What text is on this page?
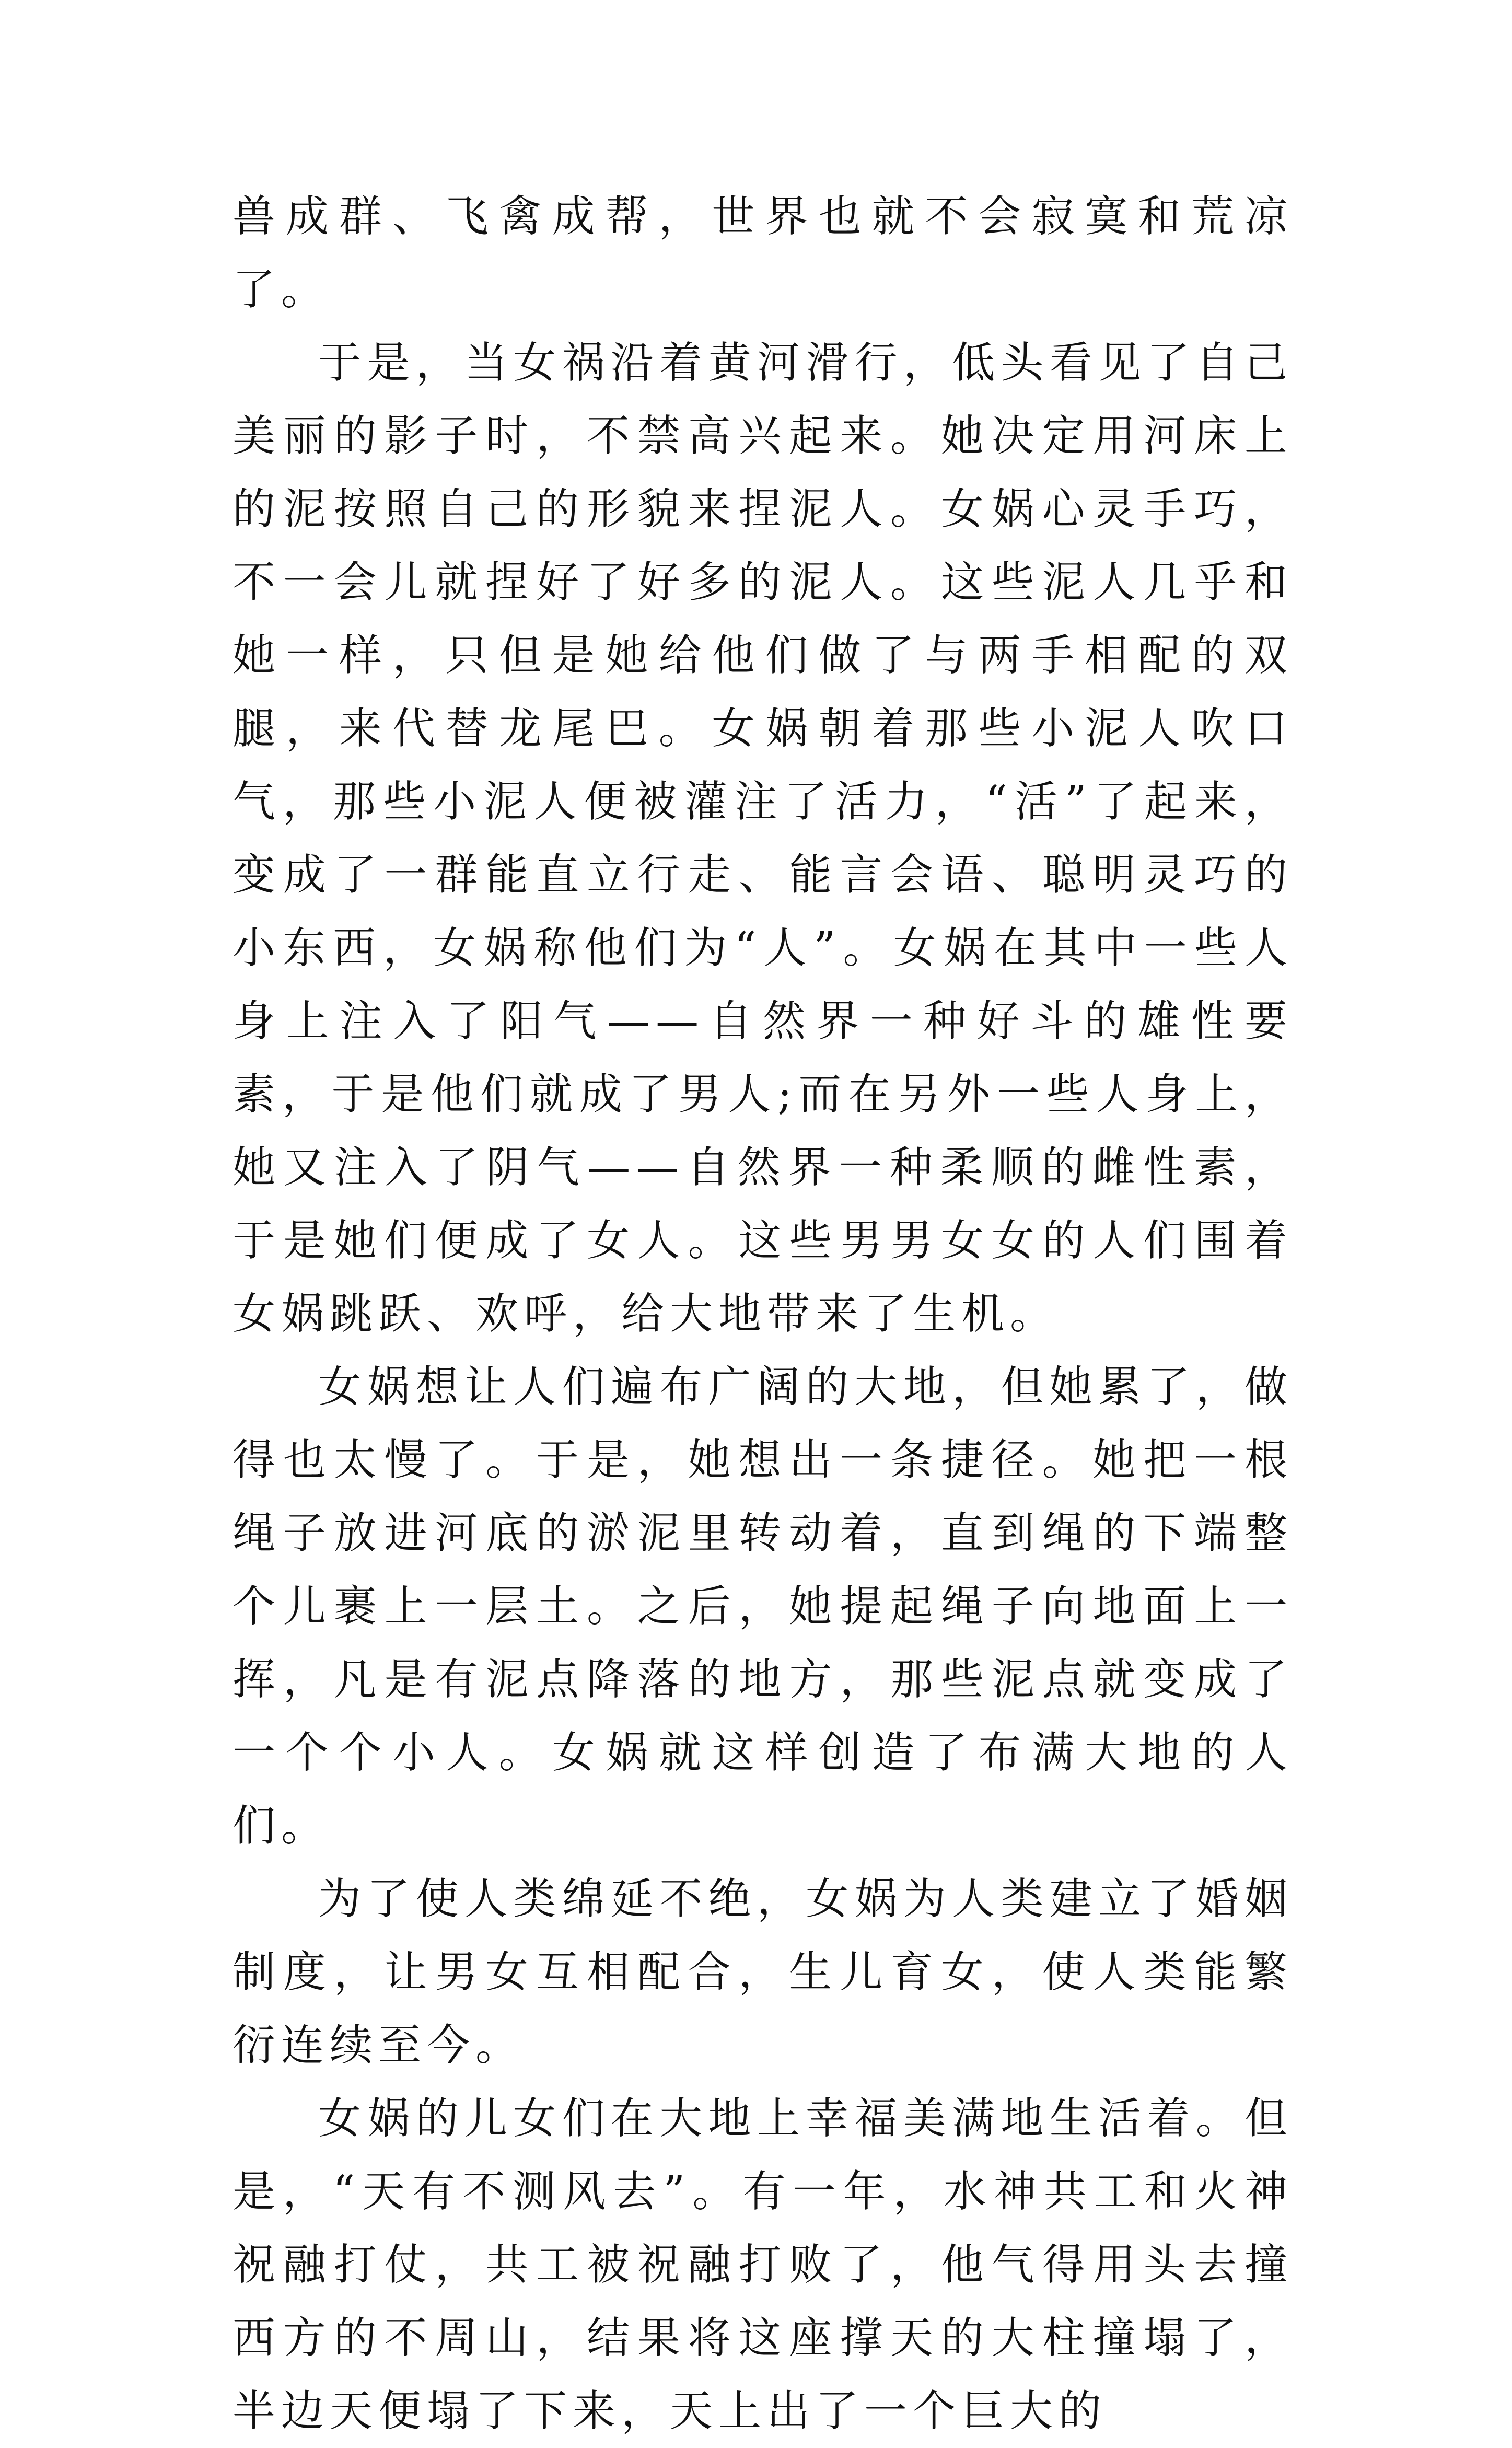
兽成群、飞禽成帮，世界也就不会寂寞和荒凉了。

于是，当女祸沿着黄河滑行，低头看见了自己美丽的影子时，不禁高兴起来。她决定用河床上的泥按照自己的形貌来捏泥人。女娲心灵手巧，不一会儿就捏好了好多的泥人。这些泥人几乎和她一样，只但是她给他们做了与两手相配的双腿，来代替龙尾巴。女娲朝着那些小泥人吹口气，那些小泥人便被灌注了活力，“活”了起来，变成了一群能直立行走、能言会语、聪明灵巧的小东西，女娲称他们为“人”。女娲在其中一些人身上注入了阳气——自然界一种好斗的雄性要素，于是他们就成了男人;而在另外一些人身上，她又注入了阴气——自然界一种柔顺的雌性素，于是她们便成了女人。这些男男女女的人们围着女娲跳跃、欢呼，给大地带来了生机。

女娲想让人们遍布广阔的大地，但她累了，做得也太慢了。于是，她想出一条捷径。她把一根绳子放进河底的淤泥里转动着，直到绳的下端整个儿裹上一层土。之后，她提起绳子向地面上一挥，凡是有泥点降落的地方，那些泥点就变成了一个个小人。女娲就这样创造了布满大地的人们。

为了使人类绵延不绝，女娲为人类建立了婚姻制度，让男女互相配合，生儿育女，使人类能繁衍连续至今。

女娲的儿女们在大地上幸福美满地生活着。但是，“天有不测风去”。有一年，水神共工和火神祝融打仗，共工被祝融打败了，他气得用头去撞西方的不周山，结果将这座撑天的大柱撞塌了，半边天便塌了下来，天上出了一个巨大的
